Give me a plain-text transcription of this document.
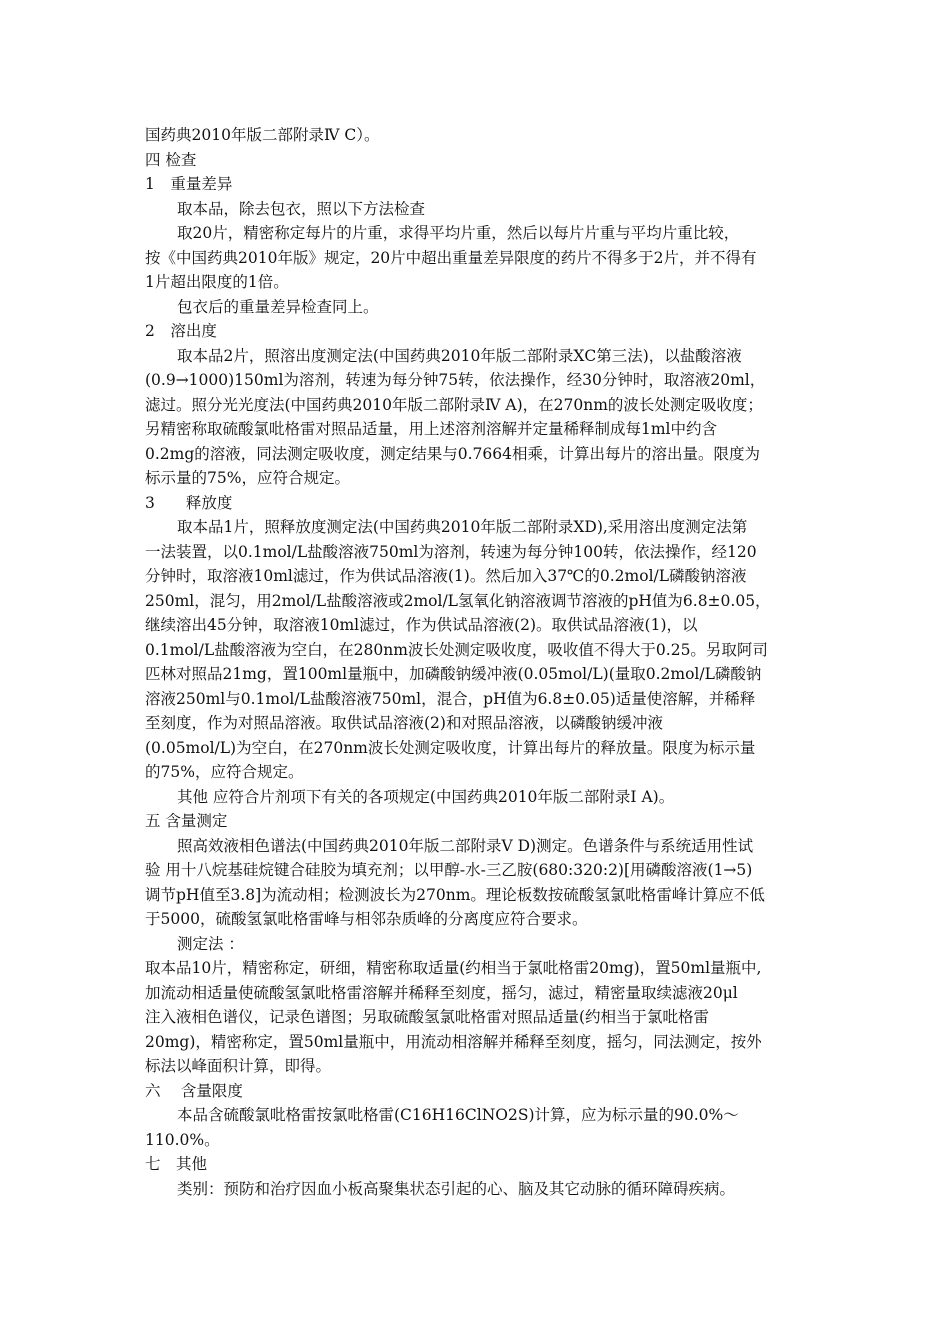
国药典2010年版二部附录Ⅳ C）。
四 检查
1　重量差异
取本品，除去包衣，照以下方法检查
取20片，精密称定每片的片重，求得平均片重，然后以每片片重与平均片重比较，
按《中国药典2010年版》规定，20片中超出重量差异限度的药片不得多于2片，并不得有
1片超出限度的1倍。
包衣后的重量差异检查同上。
2　溶出度
取本品2片，照溶出度测定法(中国药典2010年版二部附录ⅩC第三法)，以盐酸溶液
(0.9→1000)150ml为溶剂，转速为每分钟75转，依法操作，经30分钟时，取溶液20ml，
滤过。照分光光度法(中国药典2010年版二部附录Ⅳ A)，在270nm的波长处测定吸收度；
另精密称取硫酸氯吡格雷对照品适量，用上述溶剂溶解并定量稀释制成每1ml中约含
0.2mg的溶液，同法测定吸收度，测定结果与0.7664相乘，计算出每片的溶出量。限度为
标示量的75%，应符合规定。
3　　释放度
取本品1片，照释放度测定法(中国药典2010年版二部附录ⅩD),采用溶出度测定法第
一法装置，以0.1mol/L盐酸溶液750ml为溶剂，转速为每分钟100转，依法操作，经120
分钟时，取溶液10ml滤过，作为供试品溶液(1)。然后加入37℃的0.2mol/L磷酸钠溶液
250ml，混匀，用2mol/L盐酸溶液或2mol/L氢氧化钠溶液调节溶液的pH值为6.8±0.05，
继续溶出45分钟，取溶液10ml滤过，作为供试品溶液(2)。取供试品溶液(1)，以
0.1mol/L盐酸溶液为空白，在280nm波长处测定吸收度，吸收值不得大于0.25。另取阿司
匹林对照品21mg，置100ml量瓶中，加磷酸钠缓冲液(0.05mol/L)(量取0.2mol/L磷酸钠
溶液250ml与0.1mol/L盐酸溶液750ml，混合，pH值为6.8±0.05)适量使溶解，并稀释
至刻度，作为对照品溶液。取供试品溶液(2)和对照品溶液，以磷酸钠缓冲液
(0.05mol/L)为空白，在270nm波长处测定吸收度，计算出每片的释放量。限度为标示量
的75%，应符合规定。
其他 应符合片剂项下有关的各项规定(中国药典2010年版二部附录Ⅰ A)。
五 含量测定
照高效液相色谱法(中国药典2010年版二部附录Ⅴ D)测定。色谱条件与系统适用性试
验 用十八烷基硅烷键合硅胶为填充剂；以甲醇-水-三乙胺(680:320:2)[用磷酸溶液(1→5)
调节pH值至3.8]为流动相；检测波长为270nm。理论板数按硫酸氢氯吡格雷峰计算应不低
于5000，硫酸氢氯吡格雷峰与相邻杂质峰的分离度应符合要求。
测定法 ：
取本品10片，精密称定，研细，精密称取适量(约相当于氯吡格雷20mg)，置50ml量瓶中,
加流动相适量使硫酸氢氯吡格雷溶解并稀释至刻度，摇匀，滤过，精密量取续滤液20μl
注入液相色谱仪，记录色谱图；另取硫酸氢氯吡格雷对照品适量(约相当于氯吡格雷
20mg)，精密称定，置50ml量瓶中，用流动相溶解并稀释至刻度，摇匀，同法测定，按外
标法以峰面积计算，即得。
六　 含量限度
本品含硫酸氯吡格雷按氯吡格雷(C16H16ClNO2S)计算，应为标示量的90.0%～
110.0%。
七　其他
类别：预防和治疗因血小板高聚集状态引起的心、脑及其它动脉的循环障碍疾病。
